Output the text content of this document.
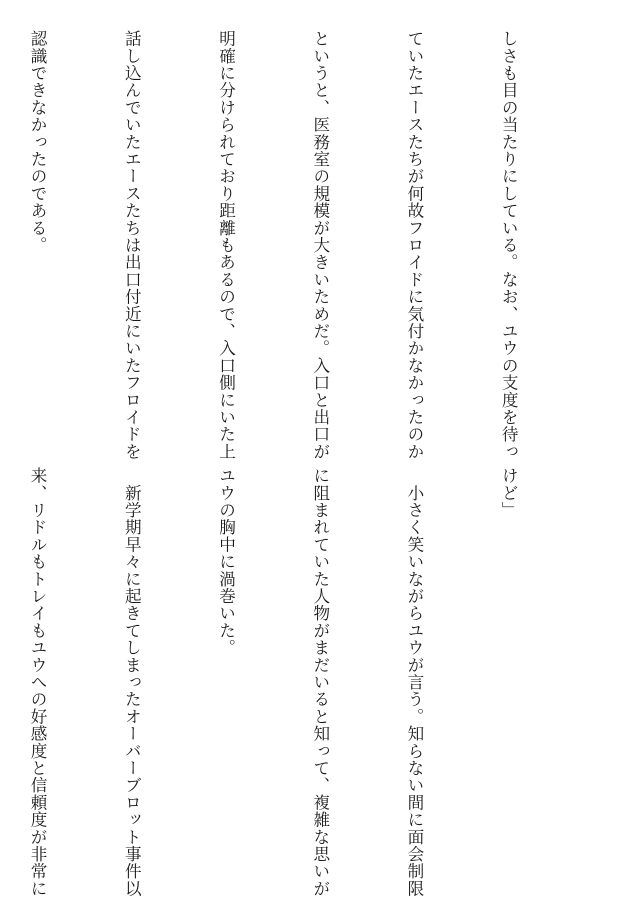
しさも目の当たりにしている。なお、ユウの支度を待っ

ていたエースたちが何故フロイドに気付かなかったのか

というと、医務室の規模が大きいためだ。入口と出口が

明確に分けられており距離もあるので、入口側にいた上

話し込んでいたエースたちは出口付近にいたフロイドを

認識できなかったのである。

けど」

　小さく笑いながらユウが言う。知らない間に面会制限

に阻まれていた人物がまだいると知って、複雑な思いが

ユウの胸中に渦巻いた。

　新学期早々に起きてしまったオーバーブロット事件以

来、リドルもトレイもユウへの好感度と信頼度が非常に
